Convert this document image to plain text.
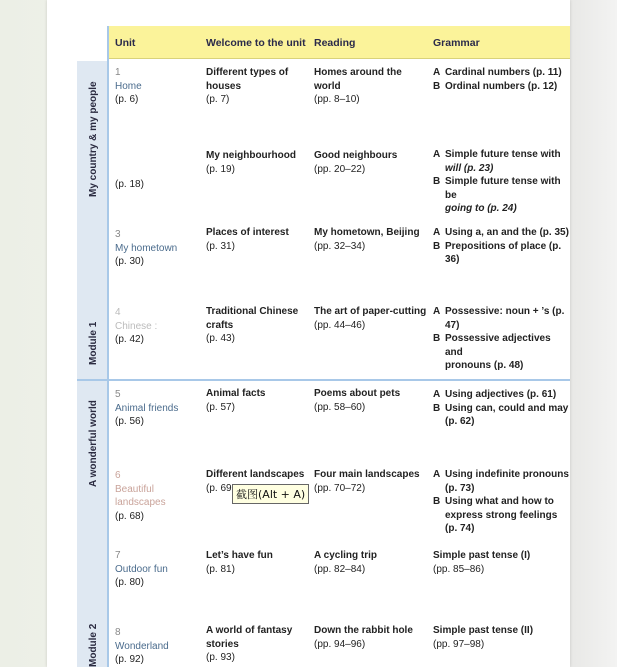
Unit	Welcome to the unit Reading	Grammar
My country & my people
Module 1
A wonderful world
Module 2
1
Home
(p. 6)
Different types of
houses
(p. 7)
Homes around the
world
(pp. 8–10)
A Cardinal numbers (p. 11)
B Ordinal numbers (p. 12)
(p. 18)
My neighbourhood
(p. 19)
Good neighbours
(pp. 20–22)
A Simple future tense with
will (p. 23)
B Simple future tense with be
going to (p. 24)
3
My hometown
(p. 30)
Places of interest
(p. 31)
My hometown, Beijing
(pp. 32–34)
A Using a, an and the (p. 35)
B Prepositions of place (p. 36)
4
Chinese :
(p. 42)
Traditional Chinese
crafts
(p. 43)
The art of paper-cutting
(pp. 44–46)
A Possessive: noun + ’s (p. 47)
B Possessive adjectives and
pronouns (p. 48)
5
Animal friends
(p. 56)
Animal facts
(p. 57)
Poems about pets
(pp. 58–60)
A Using adjectives (p. 61)
B Using can, could and may
(p. 62)
6
Beautiful
landscapes
(p. 68)
Different landscapes
(p. 69
Four main landscapes
(pp. 70–72)
A Using indefinite pronouns
(p. 73)
B Using what and how to
express strong feelings
(p. 74)
7
Outdoor fun
(p. 80)
Let’s have fun
(p. 81)
A cycling trip
(pp. 82–84)
Simple past tense (I)
(pp. 85–86)
8
Wonderland
(p. 92)
A world of fantasy
stories
(p. 93)
Down the rabbit hole
(pp. 94–96)
Simple past tense (II)
(pp. 97–98)
截图(Alt + A)
